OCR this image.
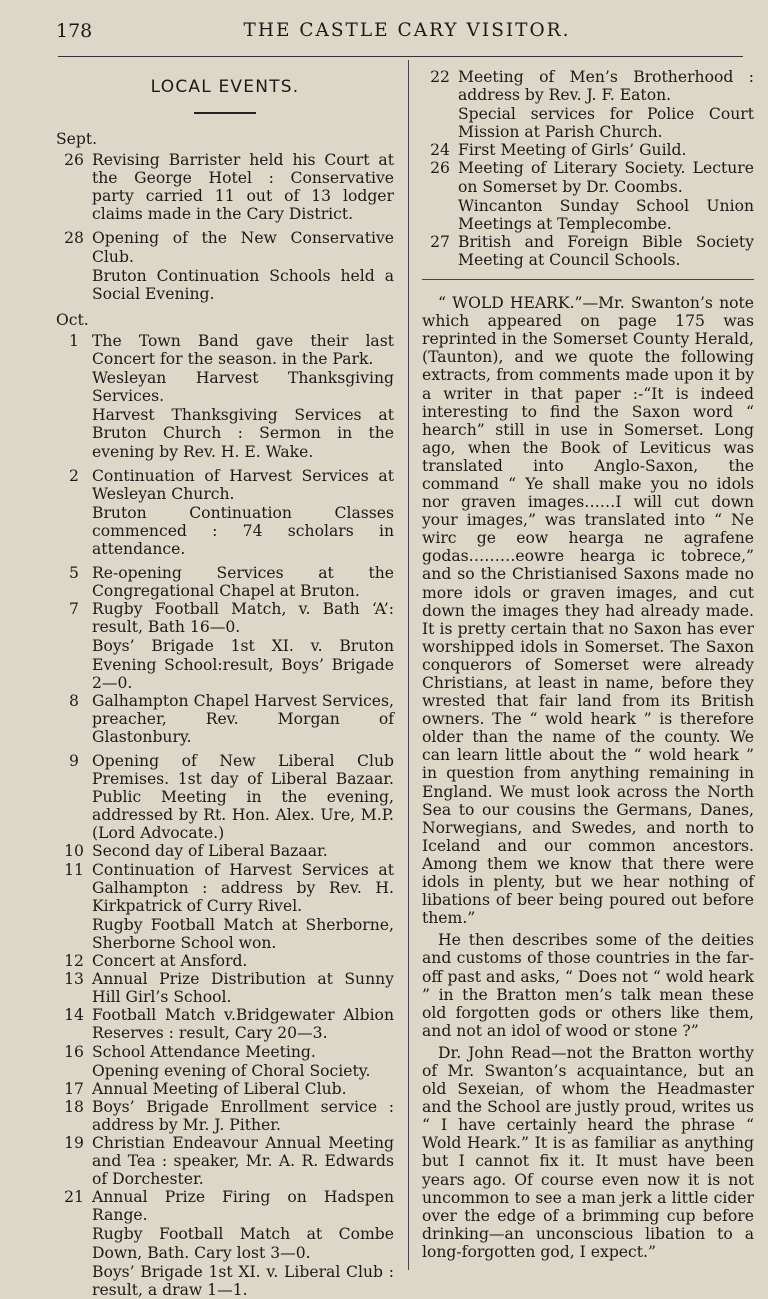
178	THE CASTLE CARY VISITOR.
LOCAL EVENTS.
Sept.
26 Revising Barrister held his Court at the George Hotel : Conservative party carried 11 out of 13 lodger claims made in the Cary District.
28 Opening of the New Conservative Club.
Bruton Continuation Schools held a Social Evening.
Oct.
1 The Town Band gave their last Concert for the season. in the Park.
Wesleyan Harvest Thanksgiving Services.
Harvest Thanksgiving Services at Bruton Church : Sermon in the evening by Rev. H. E. Wake.
2 Continuation of Harvest Services at Wesleyan Church.
Bruton Continuation Classes commenced : 74 scholars in attendance.
5 Re-opening Services at the Congregational Chapel at Bruton.
7 Rugby Football Match, v. Bath ‘A’: result, Bath 16—0.
Boys’ Brigade 1st XI. v. Bruton Evening School:result, Boys’ Brigade 2—0.
8 Galhampton Chapel Harvest Services, preacher, Rev. Morgan of Glastonbury.
9 Opening of New Liberal Club Premises. 1st day of Liberal Bazaar. Public Meeting in the evening, addressed by Rt. Hon. Alex. Ure, M.P. (Lord Advocate.)
10 Second day of Liberal Bazaar.
11 Continuation of Harvest Services at Galhampton : address by Rev. H. Kirkpatrick of Curry Rivel.
Rugby Football Match at Sherborne, Sherborne School won.
12 Concert at Ansford.
13 Annual Prize Distribution at Sunny Hill Girl’s School.
14 Football Match v.Bridgewater Albion Reserves : result, Cary 20—3.
16 School Attendance Meeting.
Opening evening of Choral Society.
17 Annual Meeting of Liberal Club.
18 Boys’ Brigade Enrollment service : address by Mr. J. Pither.
19 Christian Endeavour Annual Meeting and Tea : speaker, Mr. A. R. Edwards of Dorchester.
21 Annual Prize Firing on Hadspen Range.
Rugby Football Match at Combe Down, Bath. Cary lost 3—0.
Boys’ Brigade 1st XI. v. Liberal Club : result, a draw 1—1.
22 Meeting of Men’s Brotherhood : address by Rev. J. F. Eaton.
Special services for Police Court Mission at Parish Church.
24 First Meeting of Girls’ Guild.
26 Meeting of Literary Society. Lecture on Somerset by Dr. Coombs.
Wincanton Sunday School Union Meetings at Templecombe.
27 British and Foreign Bible Society Meeting at Council Schools.

“ WOLD HEARK.”—Mr. Swanton’s note which appeared on page 175 was reprinted in the Somerset County Herald, (Taunton), and we quote the following extracts, from comments made upon it by a writer in that paper :-“It is indeed interesting to find the Saxon word “ hearch” still in use in Somerset. Long ago, when the Book of Leviticus was translated into Anglo-Saxon, the command “ Ye shall make you no idols nor graven images……I will cut down your images,” was translated into “ Ne wirc ge eow hearga ne agrafene godas………eowre hearga ic tobrece,” and so the Christianised Saxons made no more idols or graven images, and cut down the images they had already made. It is pretty certain that no Saxon has ever worshipped idols in Somerset. The Saxon conquerors of Somerset were already Christians, at least in name, before they wrested that fair land from its British owners. The “ wold heark ” is therefore older than the name of the county. We can learn little about the “ wold heark ” in question from anything remaining in England. We must look across the North Sea to our cousins the Germans, Danes, Norwegians, and Swedes, and north to Iceland and our common ancestors. Among them we know that there were idols in plenty, but we hear nothing of libations of beer being poured out before them.”

He then describes some of the deities and customs of those countries in the far-off past and asks, “ Does not “ wold heark ” in the Bratton men’s talk mean these old forgotten gods or others like them, and not an idol of wood or stone ?”

Dr. John Read—not the Bratton worthy of Mr. Swanton’s acquaintance, but an old Sexeian, of whom the Headmaster and the School are justly proud, writes us “ I have certainly heard the phrase “ Wold Heark.” It is as familiar as anything but I cannot fix it. It must have been years ago. Of course even now it is not uncommon to see a man jerk a little cider over the edge of a brimming cup before drinking—an unconscious libation to a long-forgotten god, I expect.”
